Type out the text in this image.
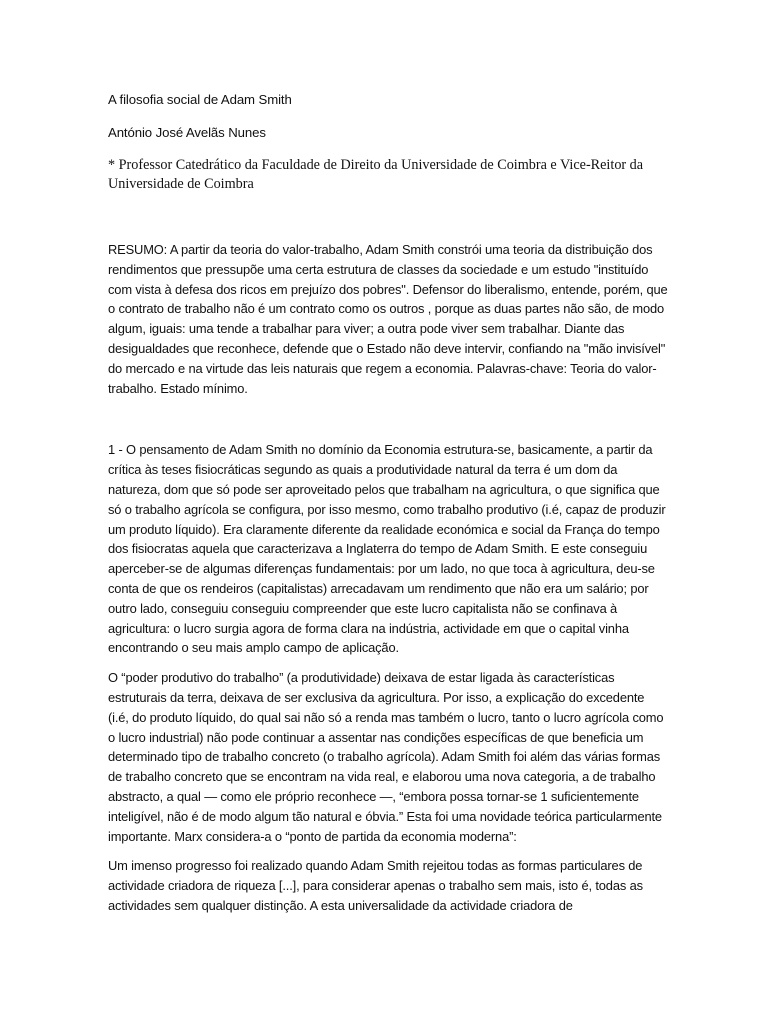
A filosofia social de Adam Smith

António José Avelãs Nunes

* Professor Catedrático da Faculdade de Direito da Universidade de Coimbra e Vice-Reitor da Universidade de Coimbra

RESUMO: A partir da teoria do valor-trabalho, Adam Smith constrói uma teoria da distribuição dos rendimentos que pressupõe uma certa estrutura de classes da sociedade e um estudo "instituído com vista à defesa dos ricos em prejuízo dos pobres". Defensor do liberalismo, entende, porém, que o contrato de trabalho não é um contrato como os outros , porque as duas partes não são, de modo algum, iguais: uma tende a trabalhar para viver; a outra pode viver sem trabalhar. Diante das desigualdades que reconhece, defende que o Estado não deve intervir, confiando na "mão invisível" do mercado e na virtude das leis naturais que regem a economia. Palavras-chave: Teoria do valor-trabalho. Estado mínimo.

1 - O pensamento de Adam Smith no domínio da Economia estrutura-se, basicamente, a partir da crítica às teses fisiocráticas segundo as quais a produtividade natural da terra é um dom da natureza, dom que só pode ser aproveitado pelos que trabalham na agricultura, o que significa que só o trabalho agrícola se configura, por isso mesmo, como trabalho produtivo (i.é, capaz de produzir um produto líquido). Era claramente diferente da realidade económica e social da França do tempo dos fisiocratas aquela que caracterizava a Inglaterra do tempo de Adam Smith. E este conseguiu aperceber-se de algumas diferenças fundamentais: por um lado, no que toca à agricultura, deu-se conta de que os rendeiros (capitalistas) arrecadavam um rendimento que não era um salário; por outro lado, conseguiu conseguiu compreender que este lucro capitalista não se confinava à agricultura: o lucro surgia agora de forma clara na indústria, actividade em que o capital vinha encontrando o seu mais amplo campo de aplicação.

O “poder produtivo do trabalho” (a produtividade) deixava de estar ligada às características estruturais da terra, deixava de ser exclusiva da agricultura. Por isso, a explicação do excedente (i.é, do produto líquido, do qual sai não só a renda mas também o lucro, tanto o lucro agrícola como o lucro industrial) não pode continuar a assentar nas condições específicas de que beneficia um determinado tipo de trabalho concreto (o trabalho agrícola). Adam Smith foi além das várias formas de trabalho concreto que se encontram na vida real, e elaborou uma nova categoria, a de trabalho abstracto, a qual — como ele próprio reconhece —, “embora possa tornar-se 1 suficientemente inteligível, não é de modo algum tão natural e óbvia.” Esta foi uma novidade teórica particularmente importante. Marx considera-a o “ponto de partida da economia moderna”:

Um imenso progresso foi realizado quando Adam Smith rejeitou todas as formas particulares de actividade criadora de riqueza [...], para considerar apenas o trabalho sem mais, isto é, todas as actividades sem qualquer distinção. A esta universalidade da actividade criadora de
